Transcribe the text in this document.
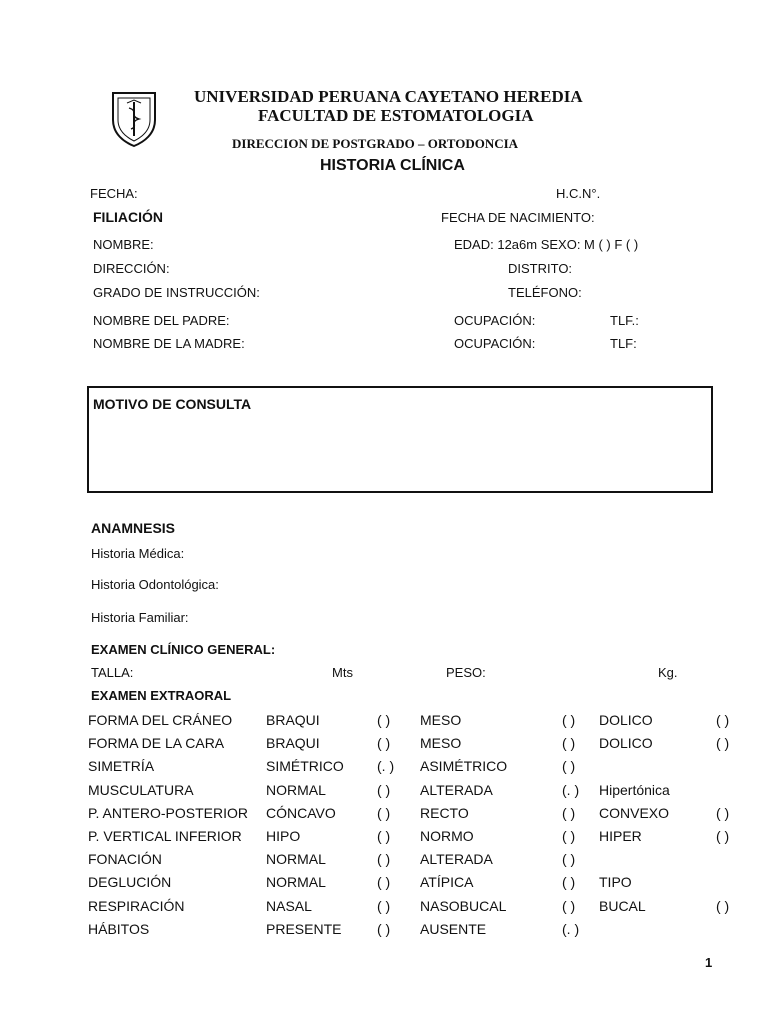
UNIVERSIDAD PERUANA CAYETANO HEREDIA
FACULTAD DE ESTOMATOLOGIA
DIRECCION DE POSTGRADO – ORTODONCIA
HISTORIA CLÍNICA
FECHA:	H.C.N°.
FILIACIÓN	FECHA DE NACIMIENTO:
NOMBRE:	EDAD: 12a6m SEXO: M ( ) F ( )
DIRECCIÓN:	DISTRITO:
GRADO DE INSTRUCCIÓN:	TELÉFONO:
NOMBRE DEL PADRE:	OCUPACIÓN:	TLF.:
NOMBRE DE LA MADRE:	OCUPACIÓN:	TLF:
MOTIVO DE CONSULTA
ANAMNESIS
Historia Médica:
Historia Odontológica:
Historia Familiar:
EXAMEN CLÍNICO GENERAL:
TALLA:	Mts	PESO:	Kg.
EXAMEN EXTRAORAL
FORMA DEL CRÁNEO BRAQUI	( ) MESO	( ) DOLICO	( )
FORMA DE LA CARA	BRAQUI	( ) MESO	( ) DOLICO	( )
SIMETRÍA	SIMÉTRICO (. ) ASIMÉTRICO	( )
MUSCULATURA	NORMAL	( ) ALTERADA	(. ) Hipertónica
P. ANTERO-POSTERIOR CÓNCAVO	( ) RECTO	( ) CONVEXO	( )
P. VERTICAL INFERIOR HIPO	( ) NORMO	( ) HIPER	( )
FONACIÓN	NORMAL	( ) ALTERADA	( )
DEGLUCIÓN	NORMAL	( ) ATÍPICA	( ) TIPO
RESPIRACIÓN	NASAL	( ) NASOBUCAL	( ) BUCAL	( )
HÁBITOS	PRESENTE	( ) AUSENTE	(. )
1
